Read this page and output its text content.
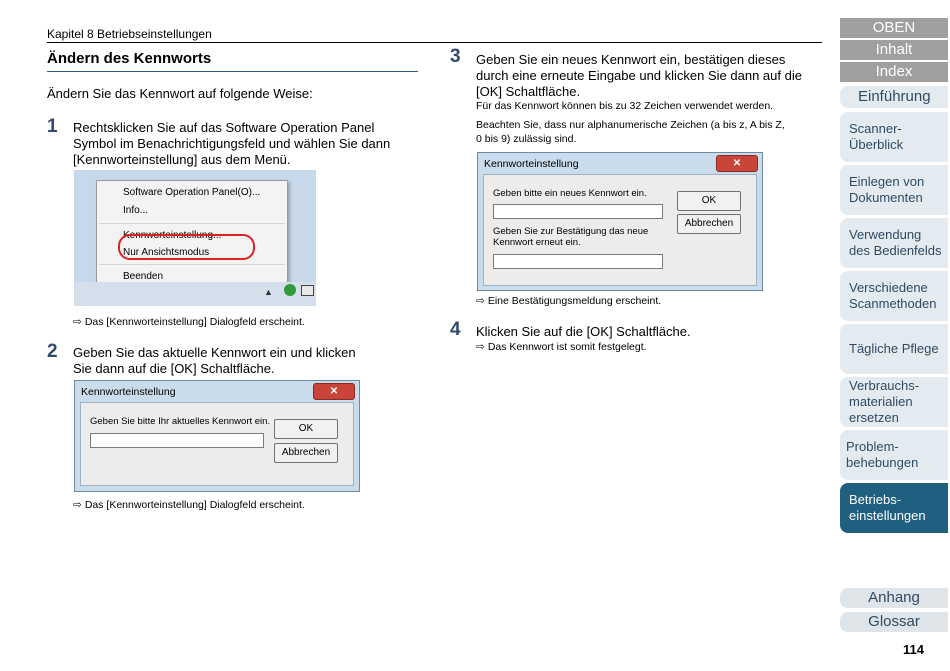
Kapitel 8 Betriebseinstellungen
Ändern des Kennworts
Ändern Sie das Kennwort auf folgende Weise:
1 Rechtsklicken Sie auf das Software Operation Panel
Symbol im Benachrichtigungsfeld und wählen Sie dann
[Kennworteinstellung] aus dem Menü.
Software Operation Panel(O)...
Info...
Kennworteinstellung...
Nur Ansichtsmodus
Beenden
▲
⇨ Das [Kennworteinstellung] Dialogfeld erscheint.
2 Geben Sie das aktuelle Kennwort ein und klicken
Sie dann auf die [OK] Schaltfläche.
Kennworteinstellung	✕
Geben Sie bitte Ihr aktuelles Kennwort ein.
OK
Abbrechen
⇨ Das [Kennworteinstellung] Dialogfeld erscheint.
3 Geben Sie ein neues Kennwort ein, bestätigen dieses
durch eine erneute Eingabe und klicken Sie dann auf die
[OK] Schaltfläche.
Für das Kennwort können bis zu 32 Zeichen verwendet werden.
Beachten Sie, dass nur alphanumerische Zeichen (a bis z, A bis Z,
0 bis 9) zulässig sind.
Kennworteinstellung	✕
Geben bitte ein neues Kennwort ein.
Geben Sie zur Bestätigung das neue
Kennwort erneut ein.
OK
Abbrechen
⇨ Eine Bestätigungsmeldung erscheint.
4 Klicken Sie auf die [OK] Schaltfläche.
⇨ Das Kennwort ist somit festgelegt.
OBEN
Inhalt
Index
Einführung
Scanner-
Überblick
Einlegen von
Dokumenten
Verwendung
des Bedienfelds
Verschiedene
Scanmethoden
Tägliche Pflege
Verbrauchs-
materialien
ersetzen
Problem-
behebungen
Betriebs-
einstellungen
Anhang
Glossar
114
